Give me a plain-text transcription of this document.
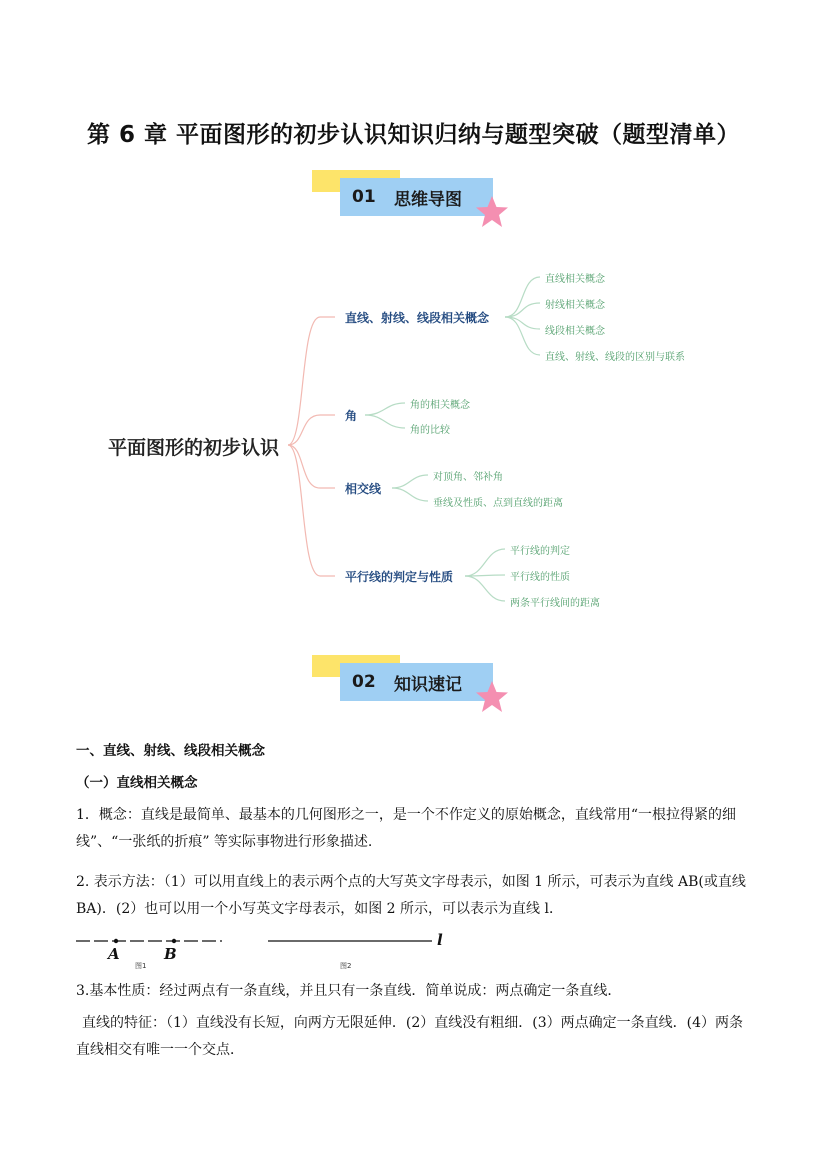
第 6 章 平面图形的初步认识知识归纳与题型突破（题型清单）
01	思维导图
平面图形的初步认识
直线、射线、线段相关概念
角
相交线
平行线的判定与性质
直线相关概念
射线相关概念
线段相关概念
直线、射线、线段的区别与联系
角的相关概念
角的比较
对顶角、邻补角
垂线及性质、点到直线的距离
平行线的判定
平行线的性质
两条平行线间的距离
02	知识速记
一、直线、射线、线段相关概念
（一）直线相关概念
1．概念：直线是最简单、最基本的几何图形之一，是一个不作定义的原始概念，直线常用“一根拉得紧的细线”、“一张纸的折痕” 等实际事物进行形象描述.
2. 表示方法：（1）可以用直线上的表示两个点的大写英文字母表示，如图 1 所示，可表示为直线 AB(或直线 BA)．(2）也可以用一个小写英文字母表示，如图 2 所示，可以表示为直线 l．
A	B
图1
l
图2
3.基本性质：经过两点有一条直线，并且只有一条直线．简单说成：两点确定一条直线．
直线的特征：（1）直线没有长短，向两方无限延伸．(2）直线没有粗细．(3）两点确定一条直线．(4）两条直线相交有唯一一个交点．
